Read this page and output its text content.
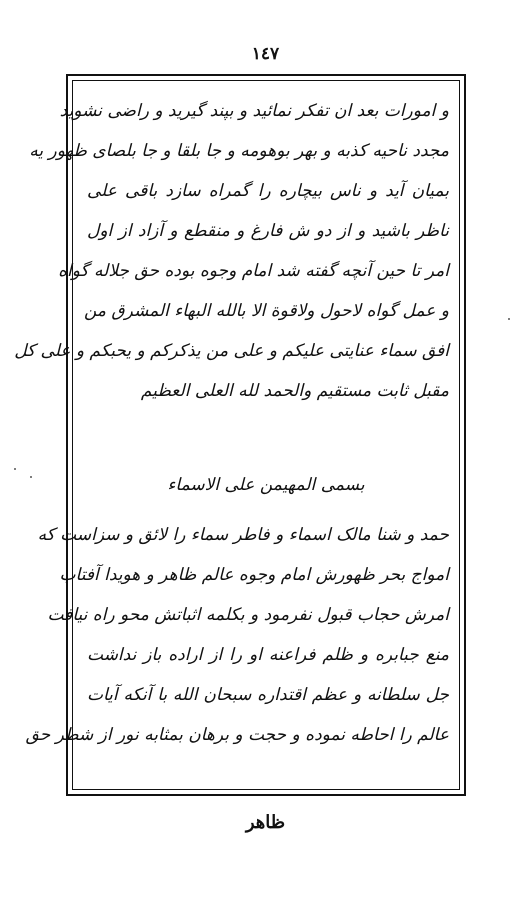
١٤٧
و امورات بعد ان تفکر نمائید و بپند گیرید و راضی نشوید
مجدد ناحیه کذبه و بهر بوهومه و جا بلقا و جا بلصای ظهور یه
بمیان آید و ناس بیچاره را گمراه سازد باقی علی
ناظر باشید و از دو ش فارغ و منقطع و آزاد از اول
امر تا حین آنچه گفته شد امام وجوه بوده حق جلاله گواه
و عمل گواه لاحول ولاقوة الا بالله البهاء المشرق من
افق سماء عنایتی علیکم و علی من یذکرکم و یحبکم و علی کل
مقبل ثابت مستقیم والحمد لله العلی العظیم
بسمی المهیمن علی الاسماء
حمد و شنا مالک اسماء و فاطر سماء را لائق و سزاست که
امواج بحر ظهورش امام وجوه عالم ظاهر و هویدا آفتاب
امرش حجاب قبول نفرمود و بکلمه اثباتش محو راه نیافت
منع جبابره و ظلم فراعنه او را از اراده باز نداشت
جل سلطانه و عظم اقتداره سبحان الله با آنکه آیات
عالم را احاطه نموده و حجت و برهان بمثابه نور از شطر حق
ظاهر
